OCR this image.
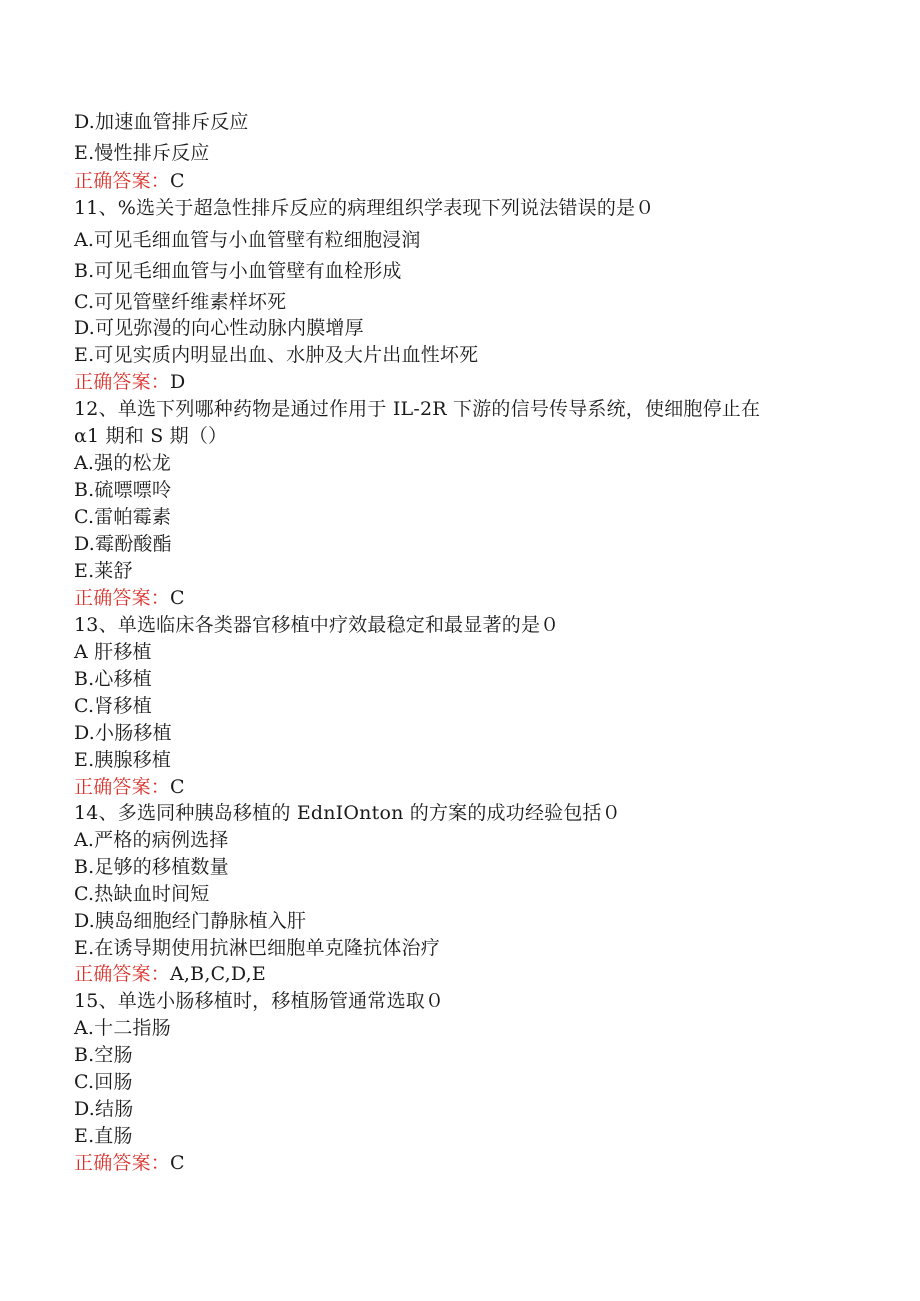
D.加速血管排斥反应
E.慢性排斥反应
正确答案：C
11、%选关于超急性排斥反应的病理组织学表现下列说法错误的是０
A.可见毛细血管与小血管壁有粒细胞浸润
B.可见毛细血管与小血管壁有血栓形成
C.可见管壁纤维素样坏死
D.可见弥漫的向心性动脉内膜增厚
E.可见实质内明显出血、水肿及大片出血性坏死
正确答案：D
12、单选下列哪种药物是通过作用于 IL-2R 下游的信号传导系统，使细胞停止在
α1 期和 S 期（）
A.强的松龙
B.硫嘌嘌呤
C.雷帕霉素
D.霉酚酸酯
E.莱舒
正确答案：C
13、单选临床各类器官移植中疗效最稳定和最显著的是０
A 肝移植
B.心移植
C.肾移植
D.小肠移植
E.胰腺移植
正确答案：C
14、多选同种胰岛移植的 EdnIOnton 的方案的成功经验包括０
A.严格的病例选择
B.足够的移植数量
C.热缺血时间短
D.胰岛细胞经门静脉植入肝
E.在诱导期使用抗淋巴细胞单克隆抗体治疗
正确答案：A,B,C,D,E
15、单选小肠移植时，移植肠管通常选取０
A.十二指肠
B.空肠
C.回肠
D.结肠
E.直肠
正确答案：C
